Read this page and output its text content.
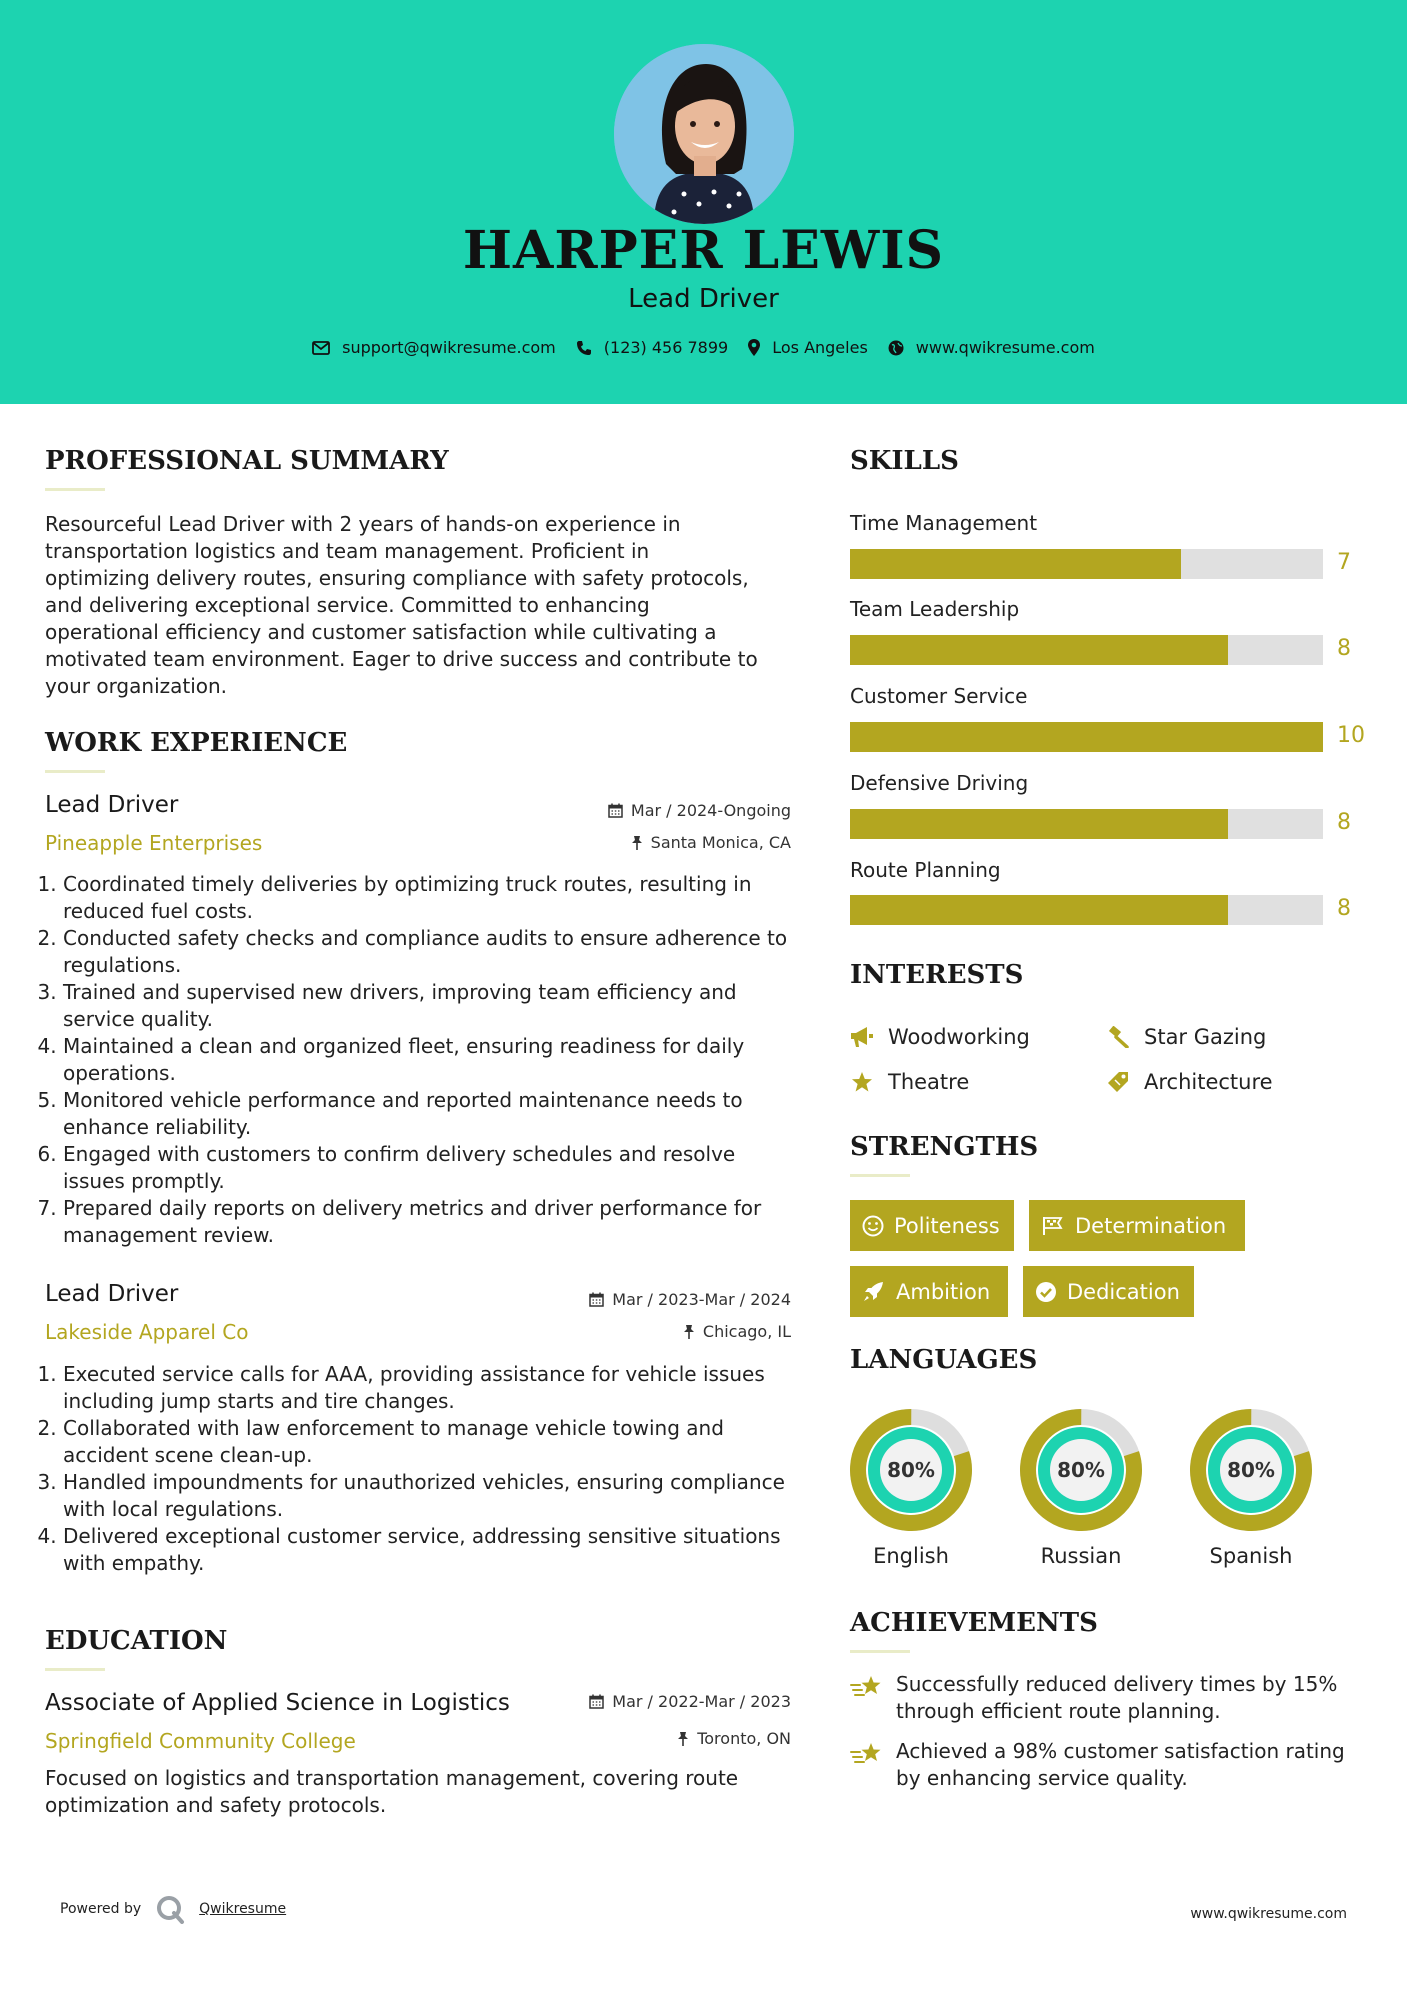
HARPER LEWIS
Lead Driver
support@qwikresume.com	(123) 456 7899	Los Angeles	www.qwikresume.com
PROFESSIONAL SUMMARY
Resourceful Lead Driver with 2 years of hands-on experience in
transportation logistics and team management. Proficient in
optimizing delivery routes, ensuring compliance with safety protocols,
and delivering exceptional service. Committed to enhancing
operational efficiency and customer satisfaction while cultivating a
motivated team environment. Eager to drive success and contribute to
your organization.
WORK EXPERIENCE
Lead Driver	Mar / 2024-Ongoing
Pineapple Enterprises	Santa Monica, CA
1. Coordinated timely deliveries by optimizing truck routes, resulting in reduced fuel costs.
2. Conducted safety checks and compliance audits to ensure adherence to regulations.
3. Trained and supervised new drivers, improving team efficiency and service quality.
4. Maintained a clean and organized fleet, ensuring readiness for daily operations.
5. Monitored vehicle performance and reported maintenance needs to enhance reliability.
6. Engaged with customers to confirm delivery schedules and resolve issues promptly.
7. Prepared daily reports on delivery metrics and driver performance for management review.
Lead Driver	Mar / 2023-Mar / 2024
Lakeside Apparel Co	Chicago, IL
1. Executed service calls for AAA, providing assistance for vehicle issues including jump starts and tire changes.
2. Collaborated with law enforcement to manage vehicle towing and accident scene clean-up.
3. Handled impoundments for unauthorized vehicles, ensuring compliance with local regulations.
4. Delivered exceptional customer service, addressing sensitive situations with empathy.
EDUCATION
Associate of Applied Science in Logistics	Mar / 2022-Mar / 2023
Springfield Community College	Toronto, ON
Focused on logistics and transportation management, covering route optimization and safety protocols.
SKILLS
Time Management
7
Team Leadership
8
Customer Service
10
Defensive Driving
8
Route Planning
8
INTERESTS
Woodworking	Star Gazing
Theatre	Architecture
STRENGTHS
Politeness	Determination
Ambition	Dedication
LANGUAGES
80%
English
80%
Russian
80%
Spanish
ACHIEVEMENTS
Successfully reduced delivery times by 15%
through efficient route planning.
Achieved a 98% customer satisfaction rating
by enhancing service quality.
Powered by	Qwikresume	www.qwikresume.com
